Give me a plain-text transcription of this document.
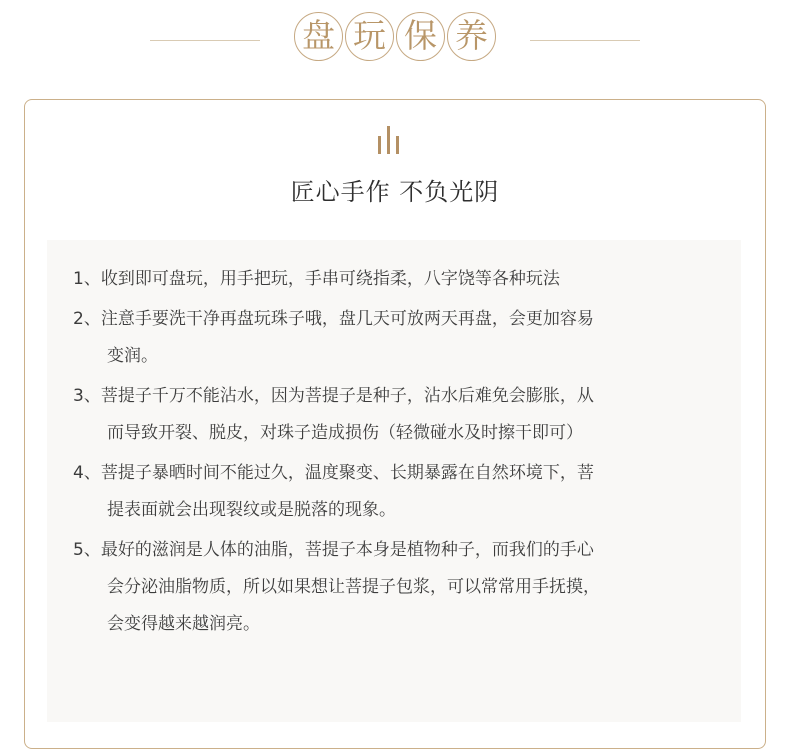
盘 玩 保 养
匠心手作 不负光阴
1、收到即可盘玩，用手把玩，手串可绕指柔，八字饶等各种玩法
2、注意手要洗干净再盘玩珠子哦，盘几天可放两天再盘，会更加容易
变润。
3、菩提子千万不能沾水，因为菩提子是种子，沾水后难免会膨胀，从
而导致开裂、脱皮，对珠子造成损伤（轻微碰水及时擦干即可）
4、菩提子暴晒时间不能过久，温度聚变、长期暴露在自然环境下，菩
提表面就会出现裂纹或是脱落的现象。
5、最好的滋润是人体的油脂，菩提子本身是植物种子，而我们的手心
会分泌油脂物质，所以如果想让菩提子包浆，可以常常用手抚摸，
会变得越来越润亮。
